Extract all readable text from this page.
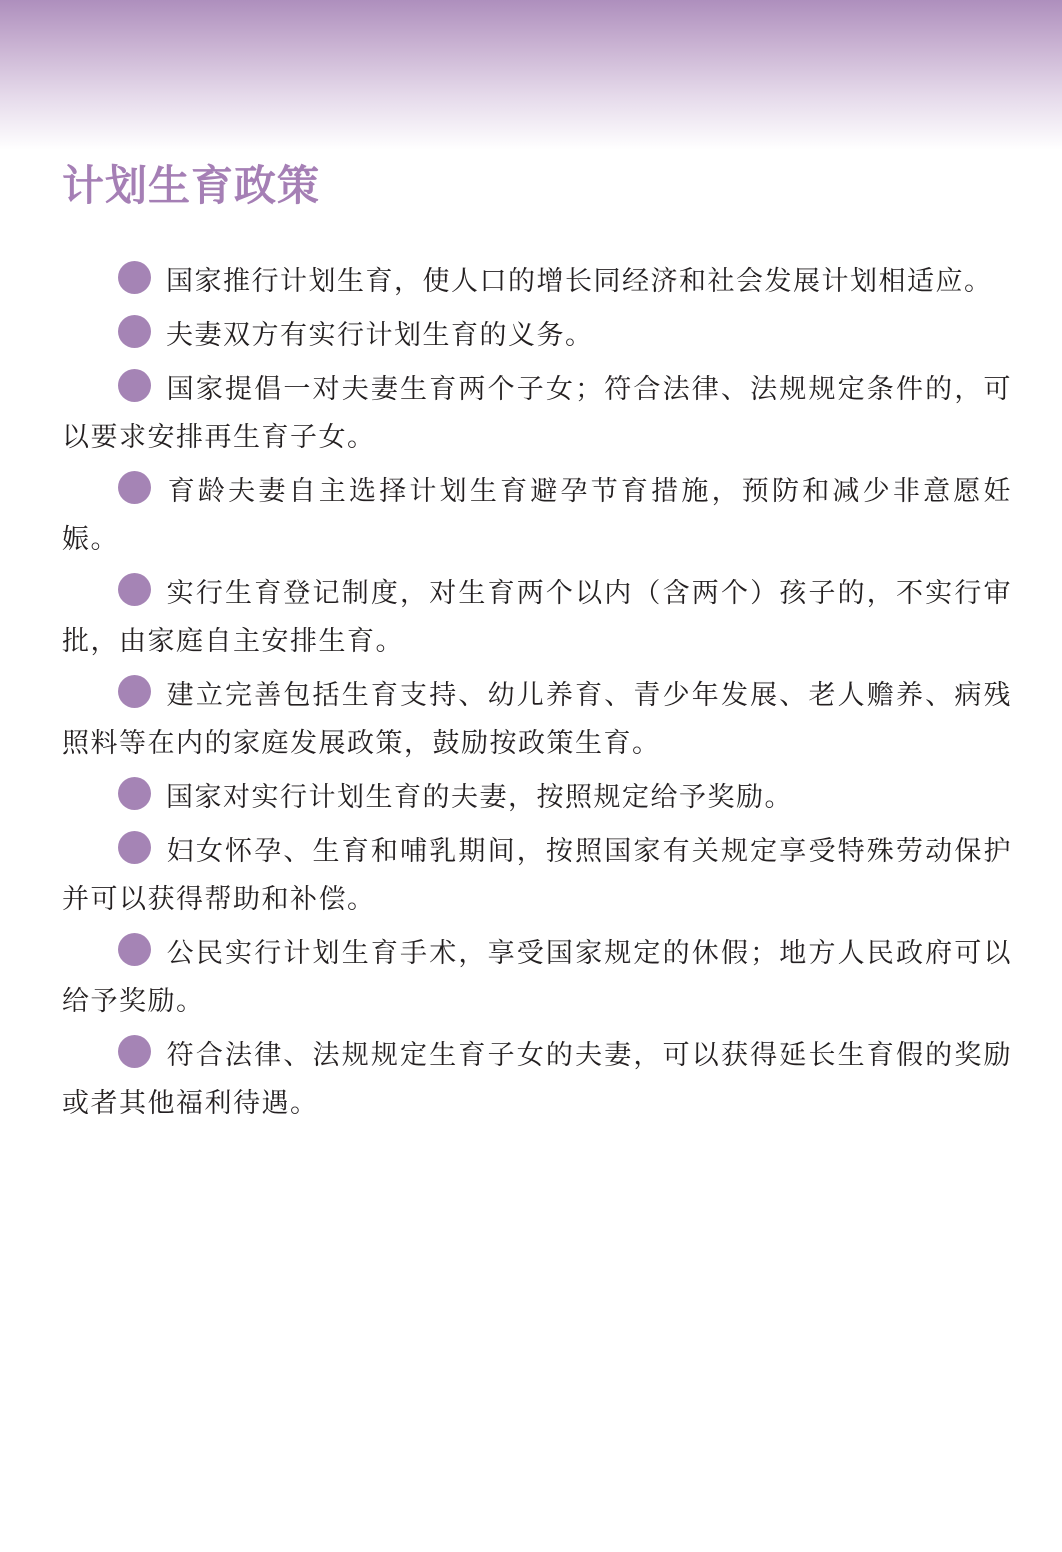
计划生育政策

国家推行计划生育，使人口的增长同经济和社会发展计划相适应。

夫妻双方有实行计划生育的义务。

国家提倡一对夫妻生育两个子女；符合法律、法规规定条件的，可以要求安排再生育子女。

育龄夫妻自主选择计划生育避孕节育措施，预防和减少非意愿妊娠。

实行生育登记制度，对生育两个以内（含两个）孩子的，不实行审批，由家庭自主安排生育。

建立完善包括生育支持、幼儿养育、青少年发展、老人赡养、病残照料等在内的家庭发展政策，鼓励按政策生育。

国家对实行计划生育的夫妻，按照规定给予奖励。

妇女怀孕、生育和哺乳期间，按照国家有关规定享受特殊劳动保护并可以获得帮助和补偿。

公民实行计划生育手术，享受国家规定的休假；地方人民政府可以给予奖励。

符合法律、法规规定生育子女的夫妻，可以获得延长生育假的奖励或者其他福利待遇。
